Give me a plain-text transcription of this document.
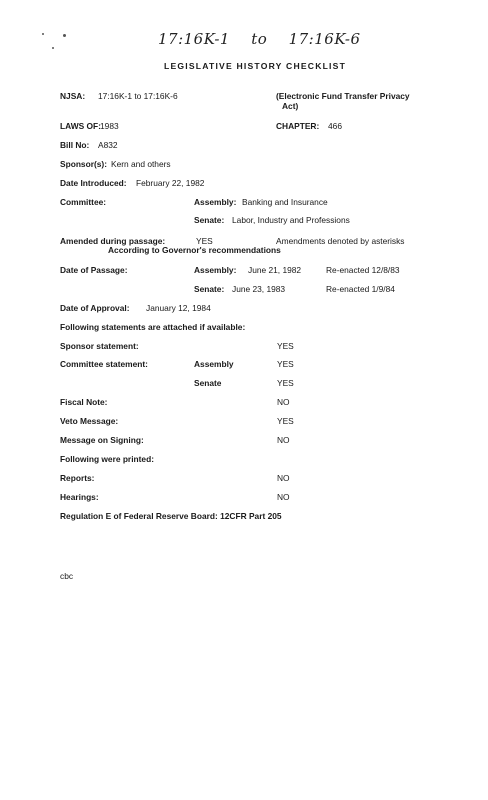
17:16K-1 to 17:16K-6
LEGISLATIVE HISTORY CHECKLIST
NJSA: 17:16K-1 to 17:16K-6	(Electronic Fund Transfer Privacy
Act)
LAWS OF: 1983	CHAPTER: 466
Bill No: A832
Sponsor(s): Kern and others
Date Introduced: February 22, 1982
Committee:	Assembly: Banking and Insurance
Senate: Labor, Industry and Professions
Amended during passage:	YES	Amendments denoted by asterisks
According to Governor's recommendations
Date of Passage:	Assembly: June 21, 1982	Re-enacted 12/8/83
Senate: June 23, 1983	Re-enacted 1/9/84
Date of Approval: January 12, 1984
Following statements are attached if available:
Sponsor statement:	YES
Committee statement:	Assembly	YES
Senate	YES
Fiscal Note:	NO
Veto Message:	YES
Message on Signing:	NO
Following were printed:
Reports:	NO
Hearings:	NO
Regulation E of Federal Reserve Board: 12CFR Part 205
cbc
